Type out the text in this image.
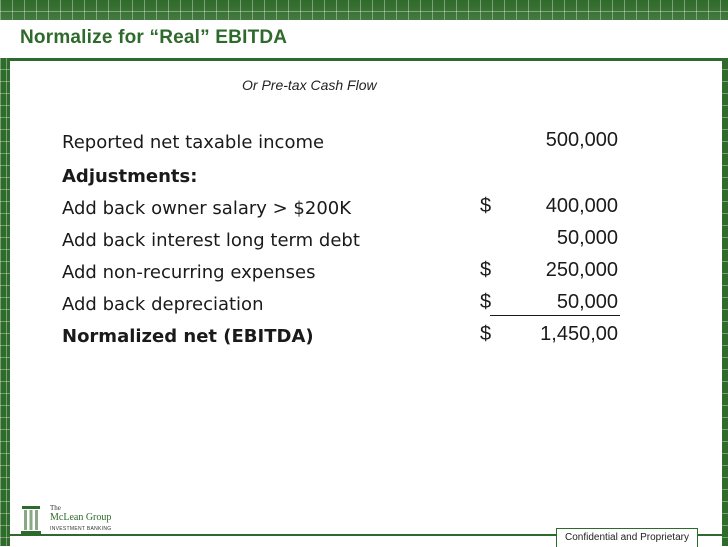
Normalize for “Real” EBITDA
Or Pre-tax Cash Flow
Reported net taxable income	500,000
Adjustments:
Add back owner salary > $200K	$	400,000
Add back interest long term debt	50,000
Add non-recurring expenses	$	250,000
Add back depreciation	$	50,000
Normalized net (EBITDA)	$ 1,450,00
The
McLean Group
INVESTMENT BANKING
Confidential and Proprietary
